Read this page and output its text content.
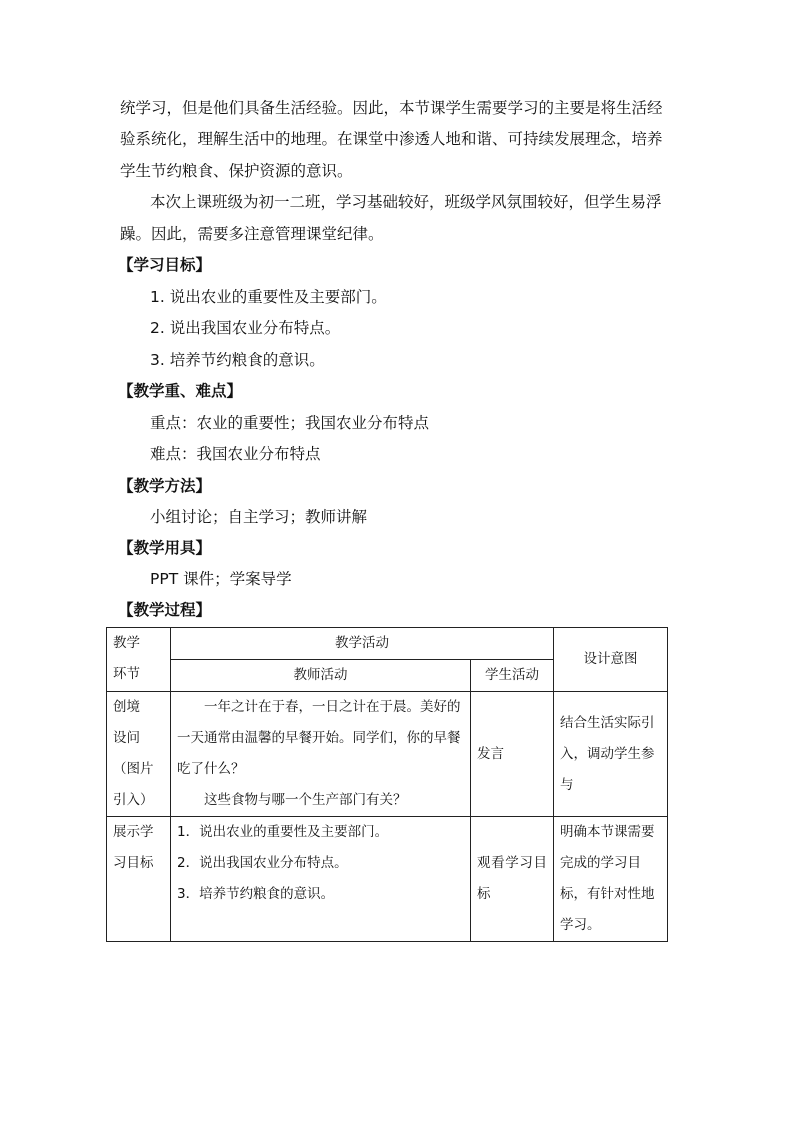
统学习，但是他们具备生活经验。因此，本节课学生需要学习的主要是将生活经
验系统化，理解生活中的地理。在课堂中渗透人地和谐、可持续发展理念，培养
学生节约粮食、保护资源的意识。
本次上课班级为初一二班，学习基础较好，班级学风氛围较好，但学生易浮
躁。因此，需要多注意管理课堂纪律。
【学习目标】
1. 说出农业的重要性及主要部门。
2. 说出我国农业分布特点。
3. 培养节约粮食的意识。
【教学重、难点】
重点：农业的重要性；我国农业分布特点
难点：我国农业分布特点
【教学方法】
小组讨论；自主学习；教师讲解
【教学用具】
PPT 课件；学案导学
【教学过程】
教学
环节	教学活动		设计意图
	教师活动	学生活动	

创境
设问
（图片
引入）	一年之计在于春，一日之计在于晨。美好的一天通常由温馨的早餐开始。同学们，你的早餐吃了什么？
这些食物与哪一个生产部门有关？	发言	结合生活实际引入，调动学生参与

展示学
习目标	1．说出农业的重要性及主要部门。
2．说出我国农业分布特点。
3．培养节约粮食的意识。	观看学习目标	明确本节课需要完成的学习目标，有针对性地学习。
